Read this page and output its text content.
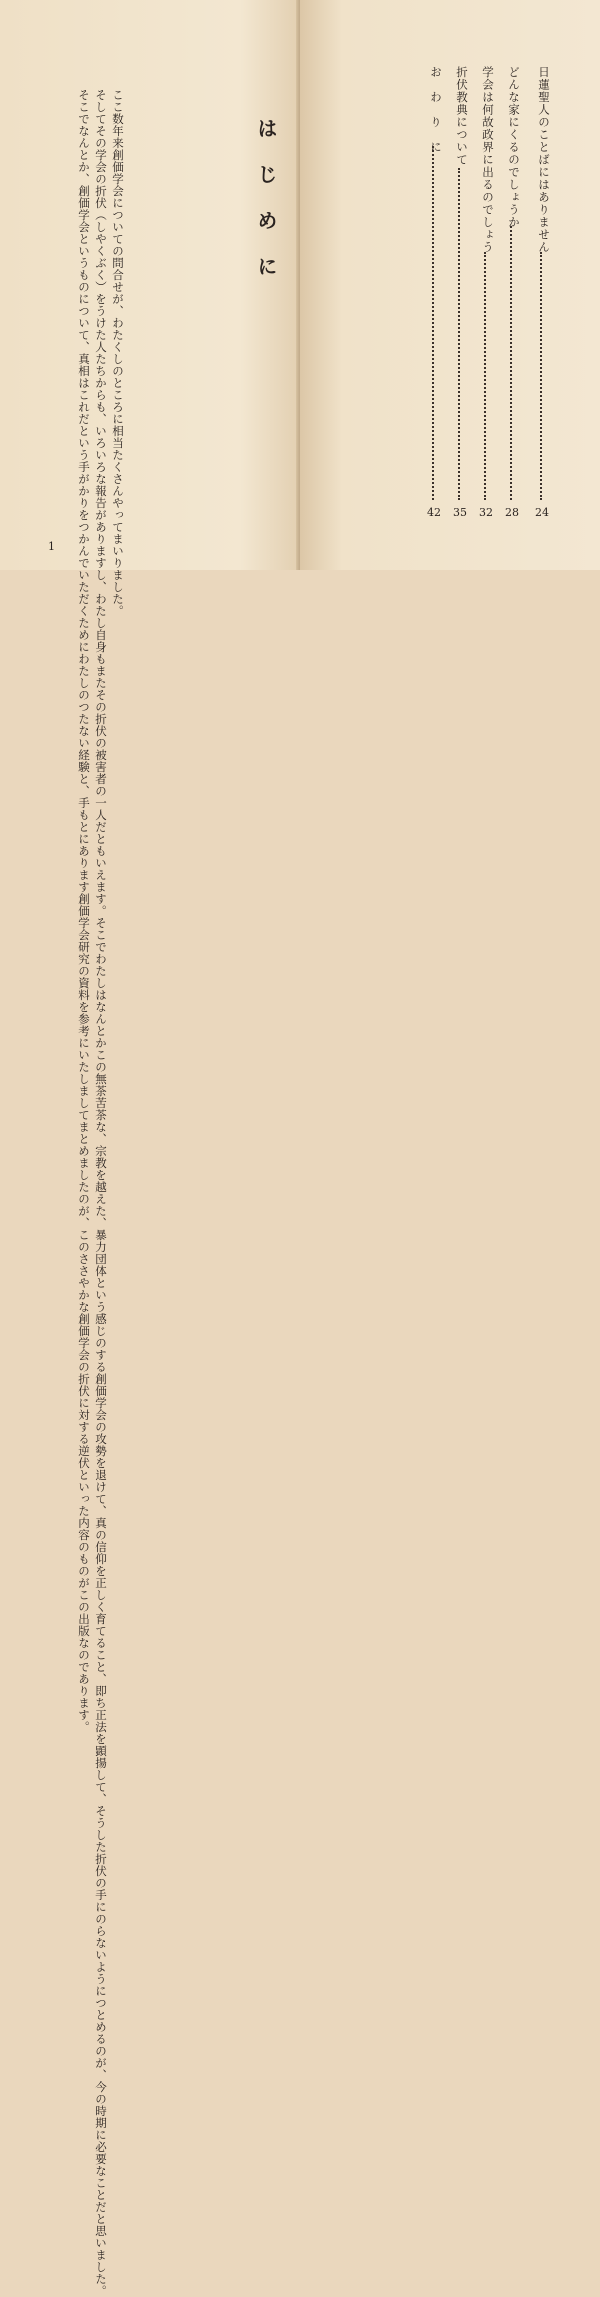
はじめに

ここ数年来創価学会についての問合せが、わたくしのところに相当たくさんやってまいりました。
そしてその学会の折伏（しやくぶく）をうけた人たちからも、いろいろな報告がありますし、わたし自身もまたその折伏の被害者の一人だともいえます。そこでわたしはなんとかこの無茶苦茶な、宗教を越えた、暴力団体という感じのする創価学会の攻勢を退けて、真の信仰を正しく育てること、即ち正法を顕揚して、そうした折伏の手にのらないようにつとめるのが、今の時期に必要なことだと思いました。
そこでなんとか、創価学会というものについて、真相はこれだという手がかりをつかんでいただくためにわたしのつたない経験と、手もとにあります創価学会研究の資料を参考にいたしましてまとめましたのが、このささやかな創価学会の折伏に対する逆伏といった内容のものがこの出版なのであります。

1
日蓮聖人のことばにはありません
24
どんな家にくるのでしょうか
28
学会は何故政界に出るのでしょう
32
折伏教典について
35
お　わ　り　に
42
